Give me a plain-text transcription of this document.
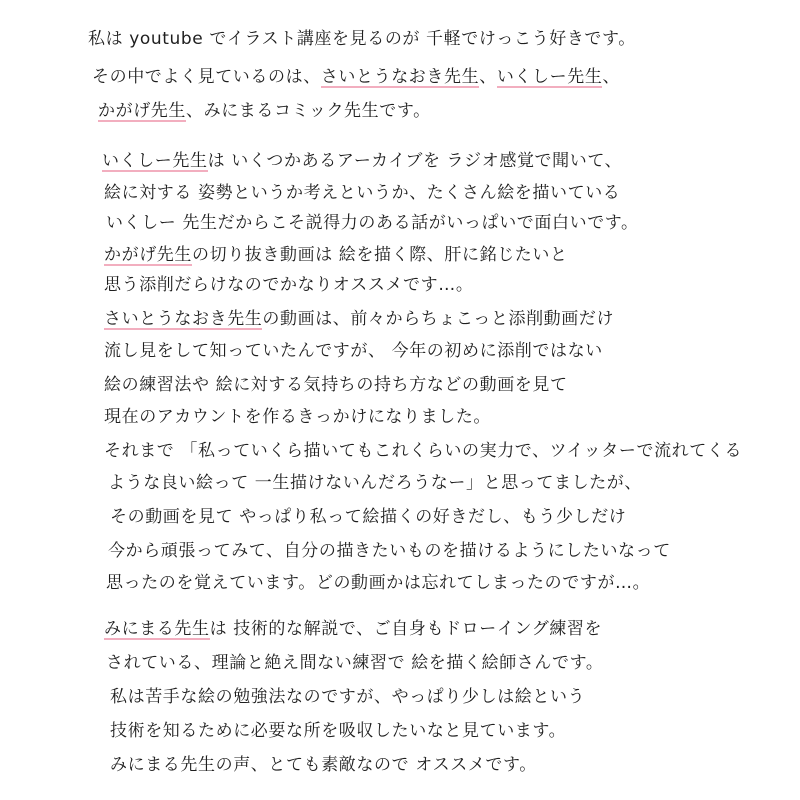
私は youtube でイラスト講座を見るのが 千軽でけっこう好きです。
その中でよく見ているのは、さいとうなおき先生、いくしー先生、
かがげ先生、みにまるコミック先生です。
いくしー先生は いくつかあるアーカイブを ラジオ感覚で聞いて、
絵に対する 姿勢というか考えというか、たくさん絵を描いている
いくしー 先生だからこそ説得力のある話がいっぱいで面白いです。
かがげ先生の切り抜き動画は 絵を描く際、肝に銘じたいと
思う添削だらけなのでかなりオススメです…。
さいとうなおき先生の動画は、前々からちょこっと添削動画だけ
流し見をして知っていたんですが、 今年の初めに添削ではない
絵の練習法や 絵に対する気持ちの持ち方などの動画を見て
現在のアカウントを作るきっかけになりました。
それまで 「私っていくら描いてもこれくらいの実力で、ツイッターで流れてくる
ような良い絵って 一生描けないんだろうなー」と思ってましたが、
その動画を見て やっぱり私って絵描くの好きだし、もう少しだけ
今から頑張ってみて、自分の描きたいものを描けるようにしたいなって
思ったのを覚えています。どの動画かは忘れてしまったのですが…。
みにまる先生は 技術的な解説で、ご自身もドローイング練習を
されている、理論と絶え間ない練習で 絵を描く絵師さんです。
私は苦手な絵の勉強法なのですが、やっぱり少しは絵という
技術を知るために必要な所を吸収したいなと見ています。
みにまる先生の声、とても素敵なので オススメです。
